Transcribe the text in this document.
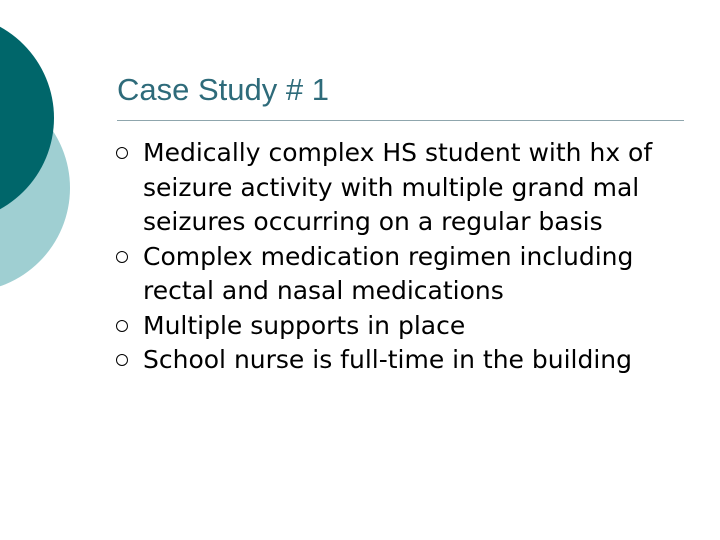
Case Study # 1
Medically complex HS student with hx of seizure activity with multiple grand mal seizures occurring on a regular basis
Complex medication regimen including rectal and nasal medications
Multiple supports in place
School nurse is full-time in the building
